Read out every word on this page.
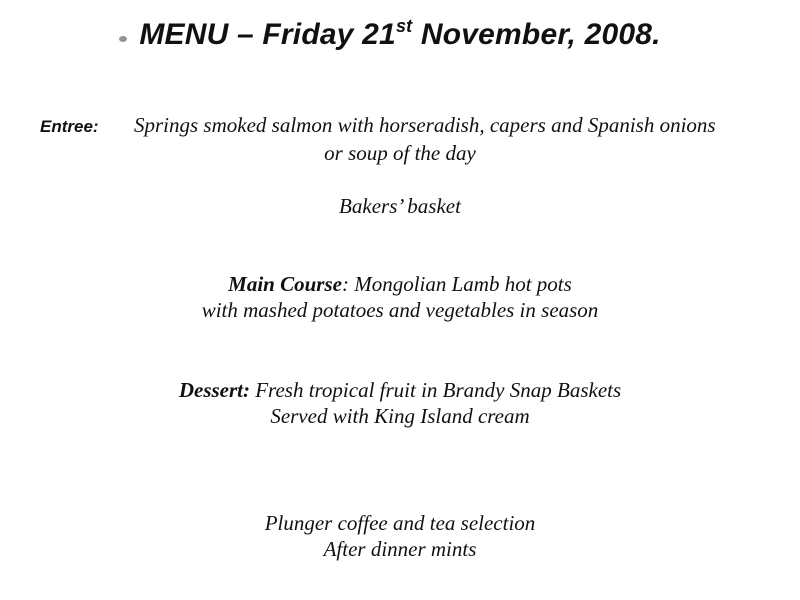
MENU – Friday 21st November, 2008.
Entree: Springs smoked salmon with horseradish, capers and Spanish onions
or soup of the day
Bakers’ basket
Main Course: Mongolian Lamb hot pots
with mashed potatoes and vegetables in season
Dessert: Fresh tropical fruit in Brandy Snap Baskets
Served with King Island cream
Plunger coffee and tea selection
After dinner mints
